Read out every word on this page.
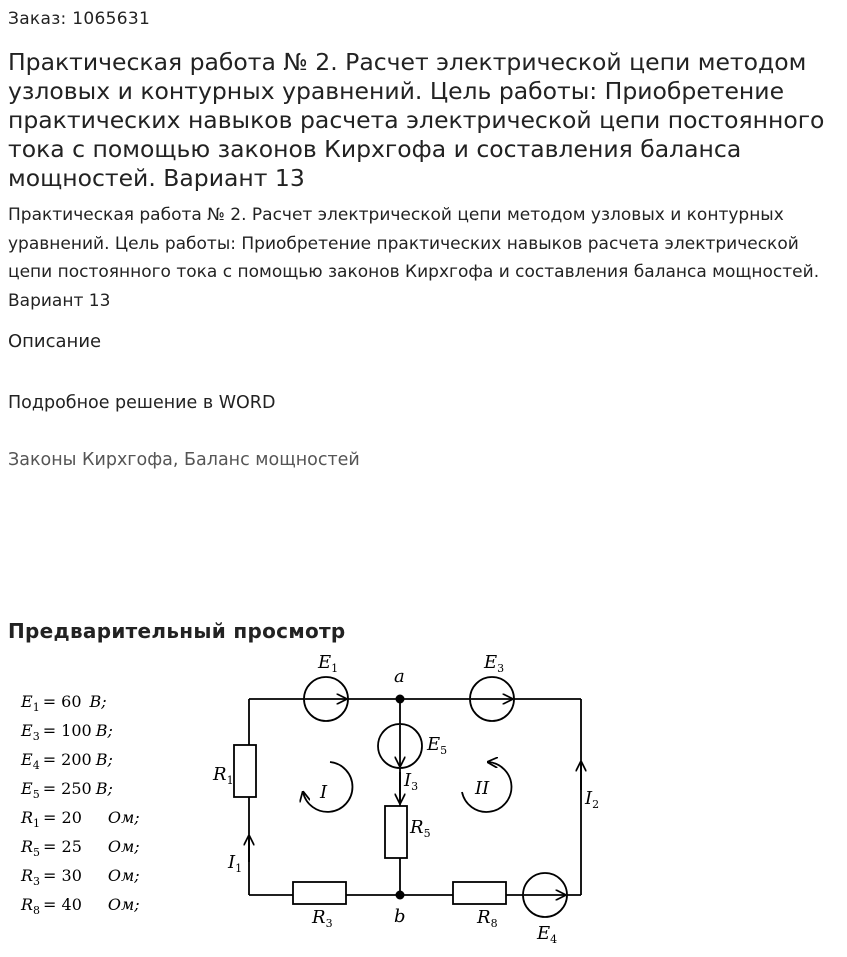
Заказ: 1065631
Практическая работа № 2. Расчет электрической цепи методом узловых и контурных уравнений. Цель работы: Приобретение практических навыков расчета электрической цепи постоянного тока с помощью законов Кирхгофа и составления баланса мощностей. Вариант 13

Практическая работа № 2. Расчет электрической цепи методом узловых и контурных уравнений. Цель работы: Приобретение практических навыков расчета электрической цепи постоянного тока с помощью законов Кирхгофа и составления баланса мощностей. Вариант 13

Описание
Подробное решение в WORD
Законы Кирхгофа, Баланс мощностей
Предварительный просмотр
$E_1 = 60$ В;
$E_3 = 100$ В;
$E_4 = 200$ В;
$E_5 = 250$ В;
$R_1 = 20$ Ом;
$R_5 = 25$ Ом;
$R_3 = 30$ Ом;
$R_8 = 40$ Ом;
a
b
$E_1$	$E_3$
$E_5$
$E_4$
$R_1$
$R_5$
$R_3$	$R_8$
$I_1$
$I_2$
$I_3$
I	II
